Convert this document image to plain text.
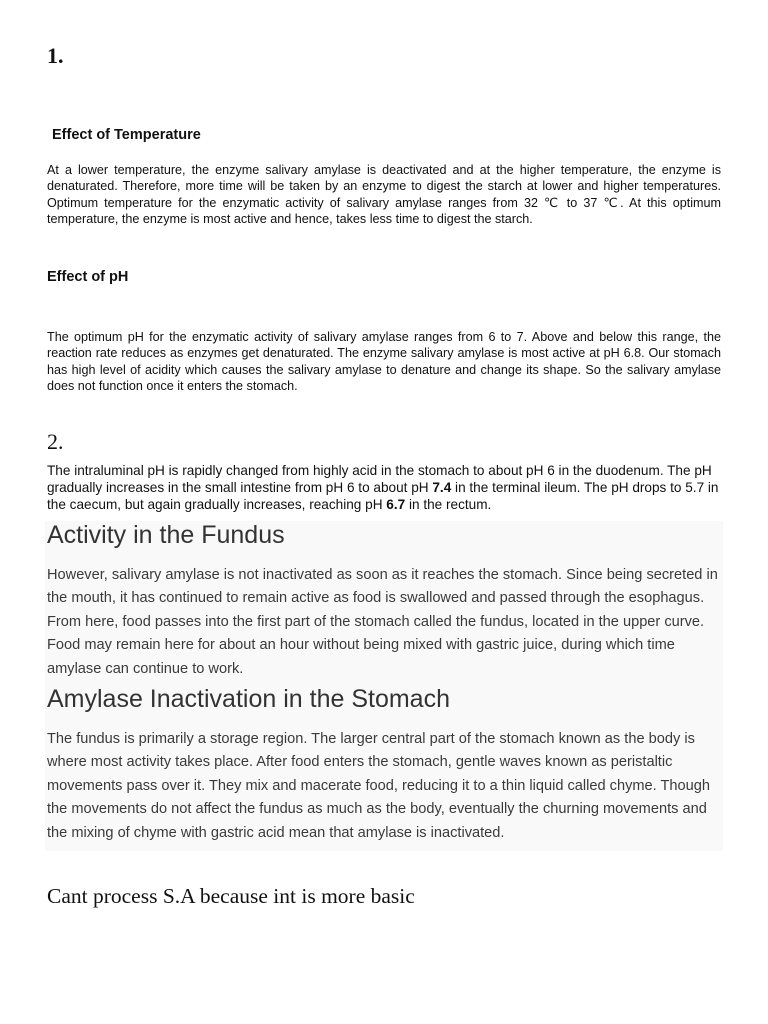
1.
Effect of Temperature

At a lower temperature, the enzyme salivary amylase is deactivated and at the higher temperature, the enzyme is denaturated. Therefore, more time will be taken by an enzyme to digest the starch at lower and higher temperatures. Optimum temperature for the enzymatic activity of salivary amylase ranges from 32 ℃ to 37 ℃. At this optimum temperature, the enzyme is most active and hence, takes less time to digest the starch.

Effect of pH

The optimum pH for the enzymatic activity of salivary amylase ranges from 6 to 7. Above and below this range, the reaction rate reduces as enzymes get denaturated. The enzyme salivary amylase is most active at pH 6.8. Our stomach has high level of acidity which causes the salivary amylase to denature and change its shape. So the salivary amylase does not function once it enters the stomach.

2.

The intraluminal pH is rapidly changed from highly acid in the stomach to about pH 6 in the duodenum. The pH gradually increases in the small intestine from pH 6 to about pH 7.4 in the terminal ileum. The pH drops to 5.7 in the caecum, but again gradually increases, reaching pH 6.7 in the rectum.

Activity in the Fundus

However, salivary amylase is not inactivated as soon as it reaches the stomach. Since being secreted in the mouth, it has continued to remain active as food is swallowed and passed through the esophagus. From here, food passes into the first part of the stomach called the fundus, located in the upper curve. Food may remain here for about an hour without being mixed with gastric juice, during which time amylase can continue to work.

Amylase Inactivation in the Stomach

The fundus is primarily a storage region. The larger central part of the stomach known as the body is where most activity takes place. After food enters the stomach, gentle waves known as peristaltic movements pass over it. They mix and macerate food, reducing it to a thin liquid called chyme. Though the movements do not affect the fundus as much as the body, eventually the churning movements and the mixing of chyme with gastric acid mean that amylase is inactivated.

Cant process S.A because int is more basic
